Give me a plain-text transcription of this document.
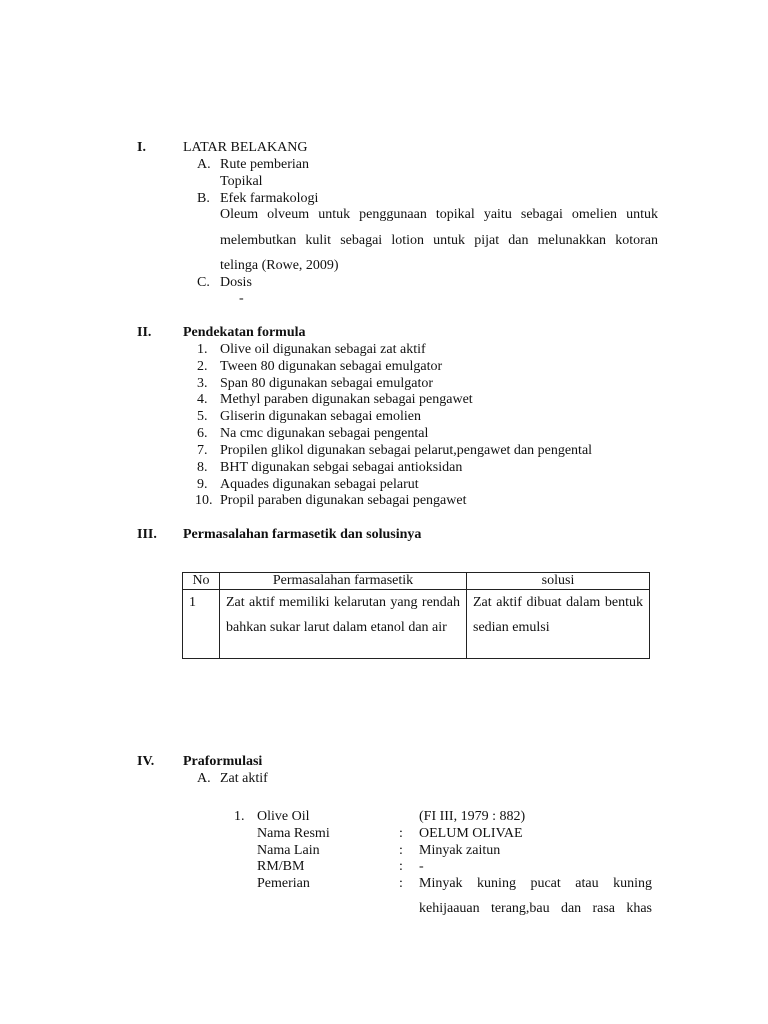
I.	LATAR BELAKANG
A. Rute pemberian
Topikal
B. Efek farmakologi
Oleum olveum untuk penggunaan topikal yaitu sebagai omelien untuk
melembutkan kulit sebagai lotion untuk pijat dan melunakkan kotoran
telinga (Rowe, 2009)
C. Dosis
-
II. Pendekatan formula
1. Olive oil digunakan sebagai zat aktif
2. Tween 80 digunakan sebagai emulgator
3. Span 80 digunakan sebagai emulgator
4. Methyl paraben digunakan sebagai pengawet
5. Gliserin digunakan sebagai emolien
6. Na cmc digunakan sebagai pengental
7. Propilen glikol digunakan sebagai pelarut,pengawet dan pengental
8. BHT digunakan sebgai sebagai antioksidan
9. Aquades digunakan sebagai pelarut
10. Propil paraben digunakan sebagai pengawet
III. Permasalahan farmasetik dan solusinya
No	Permasalahan farmasetik	solusi
1	Zat aktif memiliki kelarutan yang rendah bahkan sukar larut dalam etanol dan air	Zat aktif dibuat dalam bentuk sedian emulsi
IV. Praformulasi
A. Zat aktif
1. Olive Oil	(FI III, 1979 : 882)
Nama Resmi	: OELUM OLIVAE
Nama Lain	: Minyak zaitun
RM/BM	: -
Pemerian	: Minyak kuning pucat atau kuning
kehijaauan terang,bau dan rasa khas
